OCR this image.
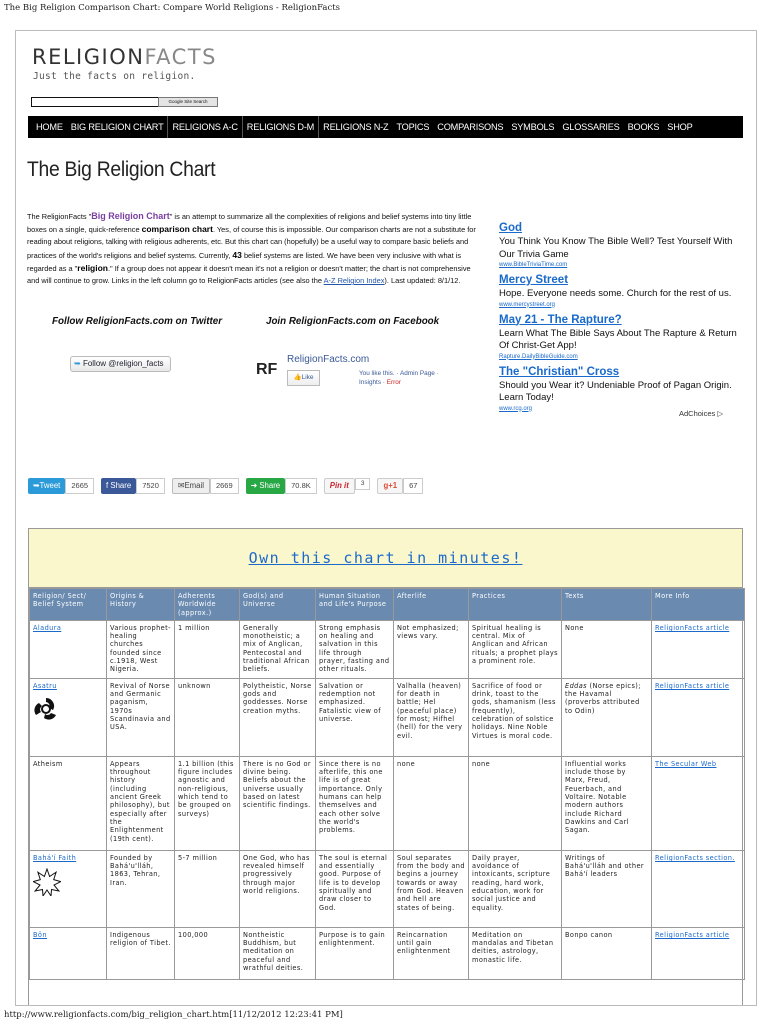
The Big Religion Comparison Chart: Compare World Religions - ReligionFacts
RELIGIONFACTS
Just the facts on religion.
Google Site Search
HOME BIG RELIGION CHART RELIGIONS A-C RELIGIONS D-M RELIGIONS N-Z TOPICS COMPARISONS SYMBOLS GLOSSARIES BOOKS SHOP
The Big Religion Chart
The ReligionFacts "Big Religion Chart" is an attempt to summarize all the complexities of religions and belief systems into tiny little boxes on a single, quick-reference comparison chart. Yes, of course this is impossible. Our comparison charts are not a substitute for reading about religions, talking with religious adherents, etc. But this chart can (hopefully) be a useful way to compare basic beliefs and practices of the world's religions and belief systems. Currently, 43 belief systems are listed. We have been very inclusive with what is regarded as a "religion." If a group does not appear it doesn't mean it's not a religion or doesn't matter; the chart is not comprehensive and will continue to grow. Links in the left column go to ReligionFacts articles (see also the A-Z Religion Index). Last updated: 8/1/12.
Follow ReligionFacts.com on Twitter	Join ReligionFacts.com on Facebook
➥ Follow @religion_facts	RF
ReligionFacts.com
👍Like
You like this. · Admin Page · Insights · Error
God
You Think You Know The Bible Well? Test Yourself With Our Trivia Game
www.BibleTriviaTime.com
Mercy Street
Hope. Everyone needs some. Church for the rest of us.
www.mercystreet.org
May 21 - The Rapture?
Learn What The Bible Says About The Rapture & Return Of Christ-Get App!
Rapture.DailyBibleGuide.com
The "Christian" Cross
Should you Wear it? Undeniable Proof of Pagan Origin. Learn Today!
www.rcg.org
AdChoices ▷
➥Tweet	2665	f Share	7520	✉Email	2669	➜ Share	70.8K	Pin it	3	g+1	67
Own this chart in minutes!
Religion/ Sect/ Belief System	Origins & History	Adherents Worldwide (approx.)	God(s) and Universe	Human Situation and Life's Purpose	Afterlife	Practices	Texts	More Info
Aladura	Various prophet-healing churches founded since c.1918, West Nigeria.	1 million	Generally monotheistic; a mix of Anglican, Pentecostal and traditional African beliefs.	Strong emphasis on healing and salvation in this life through prayer, fasting and other rituals.	Not emphasized; views vary.	Spiritual healing is central. Mix of Anglican and African rituals; a prophet plays a prominent role.	None	ReligionFacts article
Asatru	Revival of Norse and Germanic paganism, 1970s Scandinavia and USA.	unknown	Polytheistic, Norse gods and goddesses. Norse creation myths.	Salvation or redemption not emphasized. Fatalistic view of universe.	Valhalla (heaven) for death in battle; Hel (peaceful place) for most; Hifhel (hell) for the very evil.	Sacrifice of food or drink, toast to the gods, shamanism (less frequently), celebration of solstice holidays. Nine Noble Virtues is moral code.	Eddas (Norse epics); the Havamal (proverbs attributed to Odin)	ReligionFacts article
Atheism	Appears throughout history (including ancient Greek philosophy), but especially after the Enlightenment (19th cent).	1.1 billion (this figure includes agnostic and non-religious, which tend to be grouped on surveys)	There is no God or divine being. Beliefs about the universe usually based on latest scientific findings.	Since there is no afterlife, this one life is of great importance. Only humans can help themselves and each other solve the world's problems.	none	none	Influential works include those by Marx, Freud, Feuerbach, and Voltaire. Notable modern authors include Richard Dawkins and Carl Sagan.	The Secular Web
Bahá'í Faith	Founded by Bahá'u'lláh, 1863, Tehran, Iran.	5-7 million	One God, who has revealed himself progressively through major world religions.	The soul is eternal and essentially good. Purpose of life is to develop spiritually and draw closer to God.	Soul separates from the body and begins a journey towards or away from God. Heaven and hell are states of being.	Daily prayer, avoidance of intoxicants, scripture reading, hard work, education, work for social justice and equality.	Writings of Bahá'u'lláh and other Bahá'í leaders	ReligionFacts section.
Bön	Indigenous religion of Tibet.	100,000	Nontheistic Buddhism, but meditation on peaceful and wrathful deities.	Purpose is to gain enlightenment.	Reincarnation until gain enlightenment	Meditation on mandalas and Tibetan deities, astrology, monastic life.	Bonpo canon	ReligionFacts article
http://www.religionfacts.com/big_religion_chart.htm[11/12/2012 12:23:41 PM]
